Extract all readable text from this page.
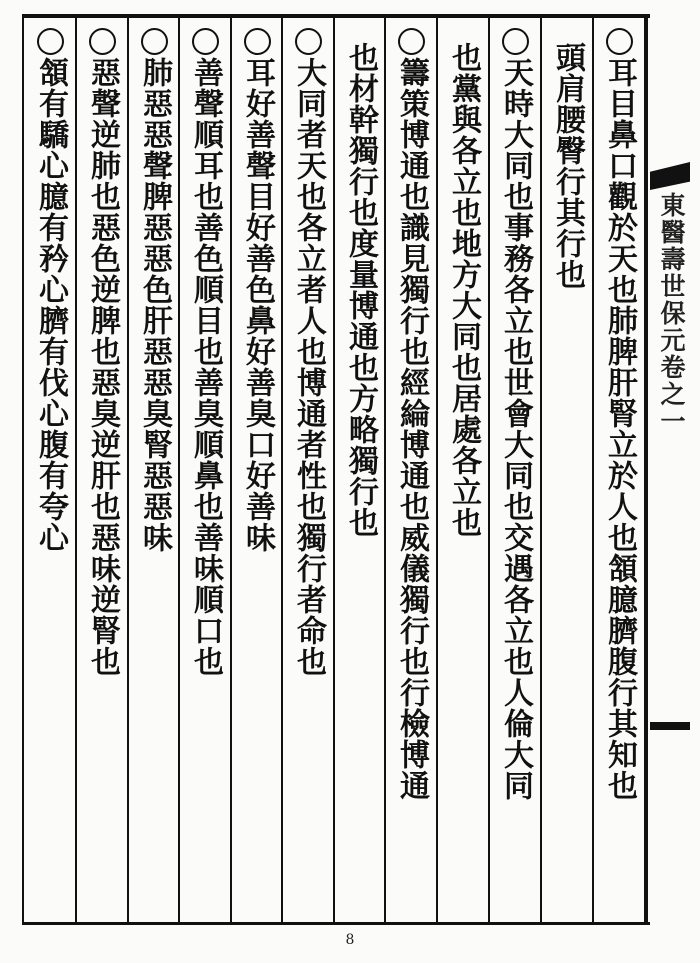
耳目鼻口觀於天也肺脾肝腎立於人也頷臆臍腹行其知也
頭肩腰臀行其行也
天時大同也事務各立也世會大同也交遇各立也人倫大同
也黨與各立也地方大同也居處各立也
籌策博通也識見獨行也經綸博通也威儀獨行也行檢博通
也材幹獨行也度量博通也方略獨行也
大同者天也各立者人也博通者性也獨行者命也
耳好善聲目好善色鼻好善臭口好善味
善聲順耳也善色順目也善臭順鼻也善味順口也
肺惡惡聲脾惡惡色肝惡惡臭腎惡惡味
惡聲逆肺也惡色逆脾也惡臭逆肝也惡味逆腎也
頷有驕心臆有矜心臍有伐心腹有夸心	東醫壽世保元卷之一
8
